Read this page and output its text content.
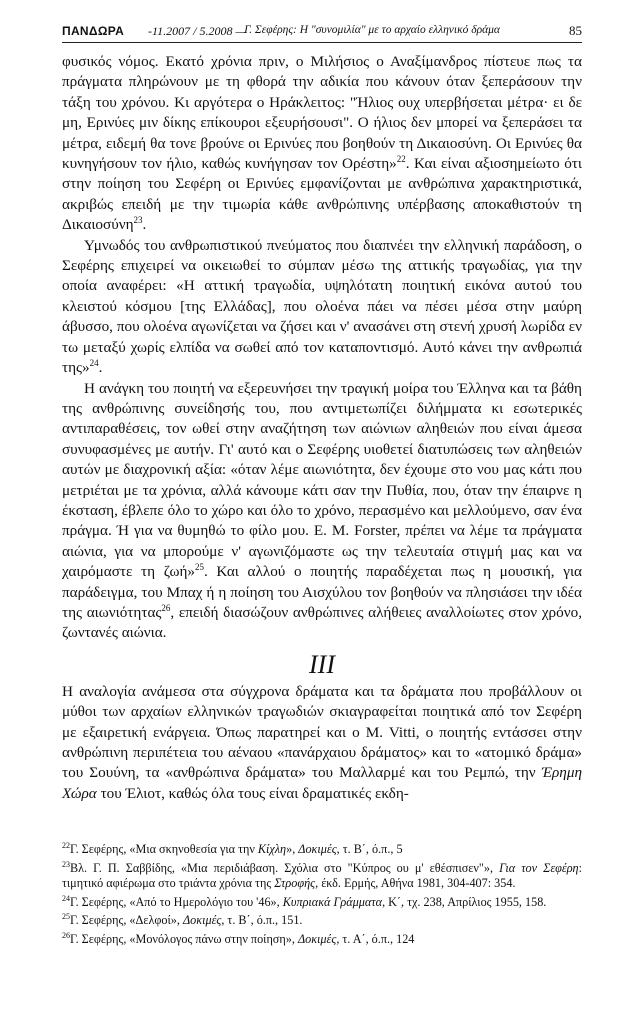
ΠΑΝΔΩΡΑ -11.2007 / 5.2008 —
Γ. Σεφέρης: Η "συνομιλία" με το αρχαίο ελληνικό δράμα	85

φυσικός νόμος. Εκατό χρόνια πριν, ο Μιλήσιος ο Αναξίμανδρος πίστευε πως τα πράγματα πληρώνουν με τη φθορά την αδικία που κάνουν όταν ξεπεράσουν την τάξη του χρόνου. Κι αργότερα ο Ηράκλειτος: "Ήλιος ουχ υπερβήσεται μέτρα· ει δε μη, Ερινύες μιν δίκης επίκουροι εξευρήσουσι". Ο ήλιος δεν μπορεί να ξεπεράσει τα μέτρα, ειδεμή θα τονε βρούνε οι Ερινύες που βοηθούν τη Δικαιοσύνη. Οι Ερινύες θα κυνηγήσουν τον ήλιο, καθώς κυνήγησαν τον Ορέστη»$^{22}$. Και είναι αξιοσημείωτο ότι στην ποίηση του Σεφέρη οι Ερινύες εμφανίζονται με ανθρώπινα χαρακτηριστικά, ακριβώς επειδή με την τιμωρία κάθε ανθρώπινης υπέρβασης αποκαθιστούν τη Δικαιοσύνη$^{23}$.

Υμνωδός του ανθρωπιστικού πνεύματος που διαπνέει την ελληνική παράδοση, ο Σεφέρης επιχειρεί να οικειωθεί το σύμπαν μέσω της αττικής τραγωδίας, για την οποία αναφέρει: «Η αττική τραγωδία, υψηλότατη ποιητική εικόνα αυτού του κλειστού κόσμου [της Ελλάδας], που ολοένα πάει να πέσει μέσα στην μαύρη άβυσσο, που ολοένα αγωνίζεται να ζήσει και ν' ανασάνει στη στενή χρυσή λωρίδα εν τω μεταξύ χωρίς ελπίδα να σωθεί από τον καταποντισμό. Αυτό κάνει την ανθρωπιά της»$^{24}$.

Η ανάγκη του ποιητή να εξερευνήσει την τραγική μοίρα του Έλληνα και τα βάθη της ανθρώπινης συνείδησής του, που αντιμετωπίζει διλήμματα κι εσωτερικές αντιπαραθέσεις, τον ωθεί στην αναζήτηση των αιώνιων αληθειών που είναι άμεσα συνυφασμένες με αυτήν. Γι' αυτό και ο Σεφέρης υιοθετεί διατυπώσεις των αληθειών αυτών με διαχρονική αξία: «όταν λέμε αιωνιότητα, δεν έχουμε στο νου μας κάτι που μετριέται με τα χρόνια, αλλά κάνουμε κάτι σαν την Πυθία, που, όταν την έπαιρνε η έκσταση, έβλεπε όλο το χώρο και όλο το χρόνο, περασμένο και μελλούμενο, σαν ένα πράγμα. Ή για να θυμηθώ το φίλο μου. E. M. Forster, πρέπει να λέμε τα πράγματα αιώνια, για να μπορούμε ν' αγωνιζόμαστε ως την τελευταία στιγμή μας και να χαιρόμαστε τη ζωή»$^{25}$. Και αλλού ο ποιητής παραδέχεται πως η μουσική, για παράδειγμα, του Μπαχ ή η ποίηση του Αισχύλου τον βοηθούν να πλησιάσει την ιδέα της αιωνιότητας$^{26}$, επειδή διασώζουν ανθρώπινες αλήθειες αναλλοίωτες στον χρόνο, ζωντανές αιώνια.

III

Η αναλογία ανάμεσα στα σύγχρονα δράματα και τα δράματα που προβάλλουν οι μύθοι των αρχαίων ελληνικών τραγωδιών σκιαγραφείται ποιητικά από τον Σεφέρη με εξαιρετική ενάργεια. Όπως παρατηρεί και ο M. Vitti, ο ποιητής εντάσσει στην ανθρώπινη περιπέτεια του αέναου «πανάρχαιου δράματος» και το «ατομικό δράμα» του Σουύνη, τα «ανθρώπινα δράματα» του Μαλλαρμέ και του Ρεμπώ, την Έρημη Χώρα του Έλιοτ, καθώς όλα τους είναι δραματικές εκδη-

$^{22}$Γ. Σεφέρης, «Μια σκηνοθεσία για την Κίχλη», Δοκιμές, τ. Β΄, ό.π., 5
$^{23}$Βλ. Γ. Π. Σαββίδης, «Μια περιδιάβαση. Σχόλια στο "Κύπρος ου μ' εθέσπισεν"», Για τον Σεφέρη: τιμητικό αφιέρωμα στο τριάντα χρόνια της Στροφής, έκδ. Ερμής, Αθήνα 1981, 304-407: 354.
$^{24}$Γ. Σεφέρης, «Από το Ημερολόγιο του '46», Κυπριακά Γράμματα, Κ΄, τχ. 238, Απρίλιος 1955, 158.
$^{25}$Γ. Σεφέρης, «Δελφοί», Δοκιμές, τ. Β΄, ό.π., 151.
$^{26}$Γ. Σεφέρης, «Μονόλογος πάνω στην ποίηση», Δοκιμές, τ. Α΄, ό.π., 124
